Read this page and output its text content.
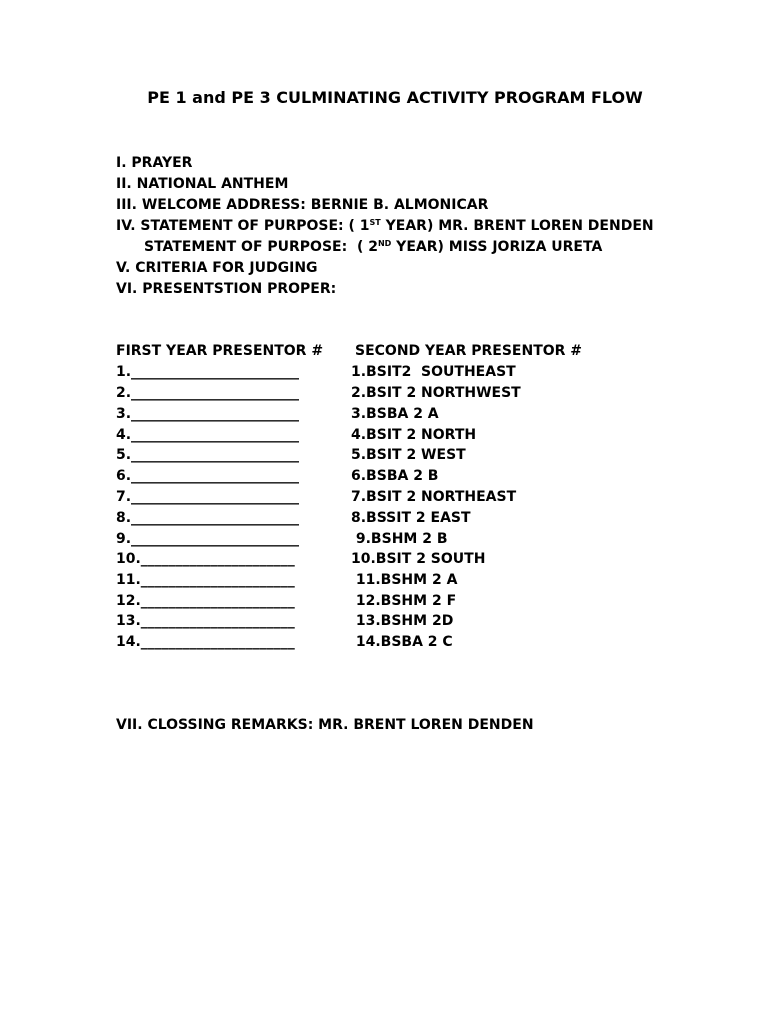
PE 1 and PE 3 CULMINATING ACTIVITY PROGRAM FLOW
I. PRAYER
II. NATIONAL ANTHEM
III. WELCOME ADDRESS: BERNIE B. ALMONICAR
IV. STATEMENT OF PURPOSE: ( 1ST YEAR) MR. BRENT LOREN DENDEN
STATEMENT OF PURPOSE:  ( 2ND YEAR) MISS JORIZA URETA
V. CRITERIA FOR JUDGING
VI. PRESENTSTION PROPER:
FIRST YEAR PRESENTOR # SECOND YEAR PRESENTOR #
1.________________________
2.________________________
3.________________________
4.________________________
5.________________________
6.________________________
7.________________________
8.________________________
9.________________________
10.______________________
11.______________________
12.______________________
13.______________________
14.______________________
1.BSIT2  SOUTHEAST
2.BSIT 2 NORTHWEST
3.BSBA 2 A
4.BSIT 2 NORTH
5.BSIT 2 WEST
6.BSBA 2 B
7.BSIT 2 NORTHEAST
8.BSSIT 2 EAST
9.BSHM 2 B
10.BSIT 2 SOUTH
11.BSHM 2 A
12.BSHM 2 F
13.BSHM 2D
14.BSBA 2 C
VII. CLOSSING REMARKS: MR. BRENT LOREN DENDEN
